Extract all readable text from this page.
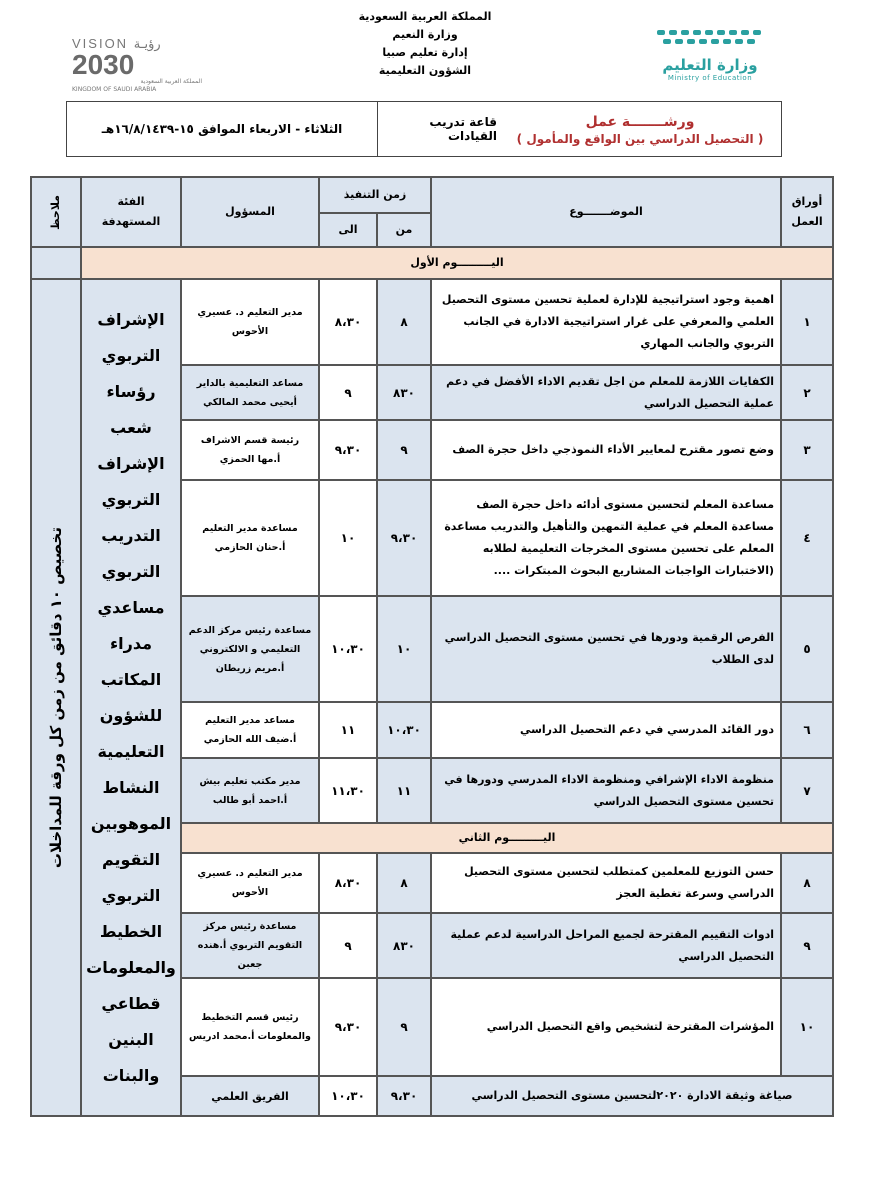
المملكة العربية السعودية
وزارة النعيم
إدارة تعليم صبيا
الشؤون التعليمية
VISION رؤيـة
2030
المملكة العربية السعودية
KINGDOM OF SAUDI ARABIA
وزارة التعليم
Ministry of Education
ورشـــــــة عمل
( التحصيل الدراسي بين الواقع والمأمول )
قاعة تدريب القيادات
الثلاثاء - الاربعاء الموافق ١٥-١٦/٨/١٤٣٩هـ
أوراق العمل
الموضـــــــوع
زمن التنفيذ
من
الى
المسؤول
الفئة المستهدفة
ملاحظ
اليـــــــــوم الأول
الإشراف التربوي رؤساء شعب الإشراف التربوي التدريب التربوي مساعدي مدراء المكاتب للشؤون التعليمية النشاط الموهوبين التقويم التربوي الخطيط والمعلومات قطاعي البنين والبنات
تخصيص ١٠ دقائق من زمن كل ورقة للمداخلات
١
اهمية وجود استراتيجية للإدارة لعملية تحسين مستوى التحصيل العلمي والمعرفي على غرار استراتيجية الادارة في الجانب التربوي والجانب المهاري
٨
٨،٣٠
مدير التعليم د. عسيري الأحوس
٢
الكفايات اللازمة للمعلم من اجل تقديم الاداء الأفضل في دعم عملية التحصيل الدراسي
٨٣٠
٩
مساعد التعليمية بالداير أيحيى محمد المالكي
٣
وضع تصور مقترح لمعايير الأداء النموذجي داخل حجرة الصف
٩
٩،٣٠
رئيسة قسم الاشراف أ.مها الحمزي
٤
مساعدة المعلم لتحسين مستوى أدائه داخل حجرة الصف مساعدة المعلم في عملية التمهين والتأهيل والتدريب مساعدة المعلم على تحسين مستوى المخرجات التعليمية لطلابه (الاختبارات الواجبات المشاريع البحوث المبتكرات ....
٩،٣٠
١٠
مساعدة مدير التعليم أ.حنان الحازمي
٥
الفرص الرقمية ودورها في تحسين مستوى التحصيل الدراسي لدى الطلاب
١٠
١٠،٣٠
مساعدة رئيس مركز الدعم التعليمي و الالكتروني أ.مريم زريطان
٦
دور القائد المدرسي في دعم التحصيل الدراسي
١٠،٣٠
١١
مساعد مدير التعليم أ.ضيف الله الحازمي
٧
منظومة الاداء الإشرافي ومنظومة الاداء المدرسي ودورها في تحسين مستوى التحصيل الدراسي
١١
١١،٣٠
مدير مكتب تعليم بيش أ.احمد أبو طالب
اليـــــــــوم الثاني
٨
حسن التوزيع للمعلمين كمتطلب لتحسين مستوى التحصيل الدراسي وسرعة تغطية العجز
٨
٨،٣٠
مدير التعليم د. عسيري الأحوس
٩
ادوات التقييم المقترحة لجميع المراحل الدراسية لدعم عملية التحصيل الدراسي
٨٣٠
٩
مساعدة رئيس مركز التقويم التربوي أ.هنده جعبن
١٠
المؤشرات المقترحة لتشخيص واقع التحصيل الدراسي
٩
٩،٣٠
رئيس قسم التخطيط والمعلومات أ.محمد ادريس
صياغة وثيقة الادارة ٢٠٢٠لتحسين مستوى التحصيل الدراسي
٩،٣٠
١٠،٣٠
الفريق العلمي
